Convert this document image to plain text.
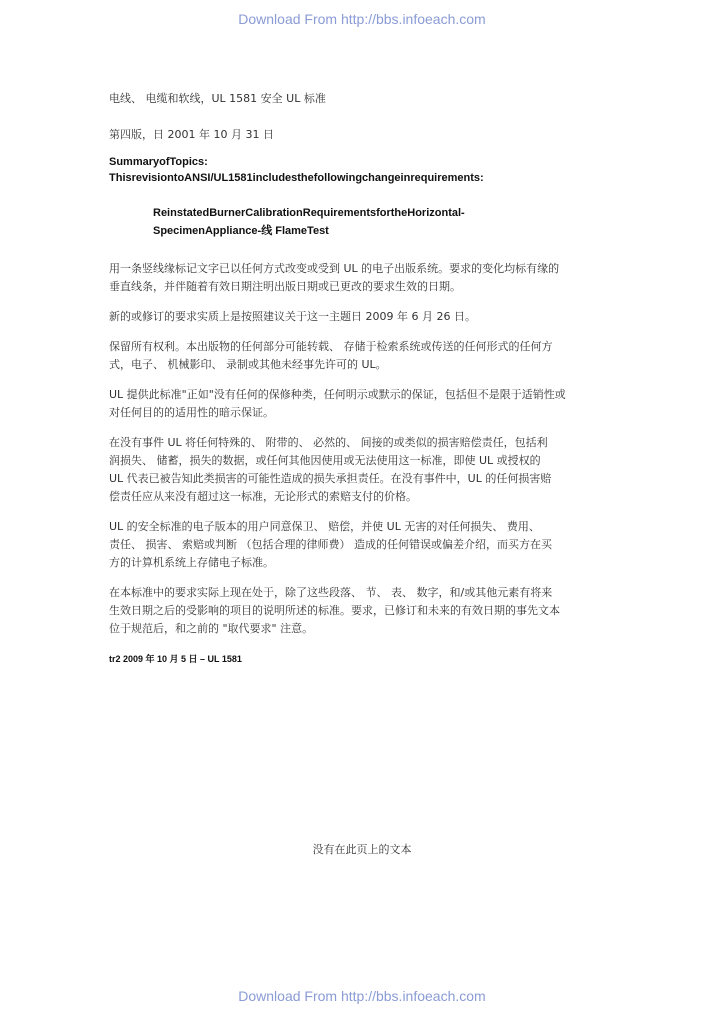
Download From http://bbs.infoeach.com

电线、 电缆和软线，UL 1581 安全 UL 标准

第四版，日 2001 年 10 月 31 日

SummaryofTopics:

ThisrevisiontoANSI/UL1581includesthefollowingchangeinrequirements:

ReinstatedBurnerCalibrationRequirementsfortheHorizontal-

SpecimenAppliance-线 FlameTest

用一条竖线缘标记文字已以任何方式改变或受到 UL 的电子出版系统。要求的变化均标有缘的

垂直线条，并伴随着有效日期注明出版日期或已更改的要求生效的日期。

新的或修订的要求实质上是按照建议关于这一主题日 2009 年 6 月 26 日。

保留所有权利。本出版物的任何部分可能转载、 存储于检索系统或传送的任何形式的任何方

式，电子、 机械影印、 录制或其他未经事先许可的 UL。

UL 提供此标准"正如"没有任何的保修种类，任何明示或默示的保证，包括但不是限于适销性或

对任何目的的适用性的暗示保证。

在没有事件 UL 将任何特殊的、 附带的、 必然的、 间接的或类似的损害赔偿责任，包括利

润损失、 储蓄，损失的数据，或任何其他因使用或无法使用这一标准，即使 UL 或授权的

UL 代表已被告知此类损害的可能性造成的损失承担责任。在没有事件中，UL 的任何损害赔

偿责任应从来没有超过这一标准，无论形式的索赔支付的价格。

UL 的安全标准的电子版本的用户同意保卫、 赔偿，并使 UL 无害的对任何损失、 费用、

责任、 损害、 索赔或判断 （包括合理的律师费） 造成的任何错误或偏差介绍，而买方在买

方的计算机系统上存储电子标准。

在本标准中的要求实际上现在处于，除了这些段落、 节、 表、 数字，和/或其他元素有将来

生效日期之后的受影响的项目的说明所述的标准。要求，已修订和未来的有效日期的事先文本

位于规范后，和之前的 "取代要求" 注意。

tr2 2009 年 10 月 5 日 – UL 1581

没有在此页上的文本
Download From http://bbs.infoeach.com
